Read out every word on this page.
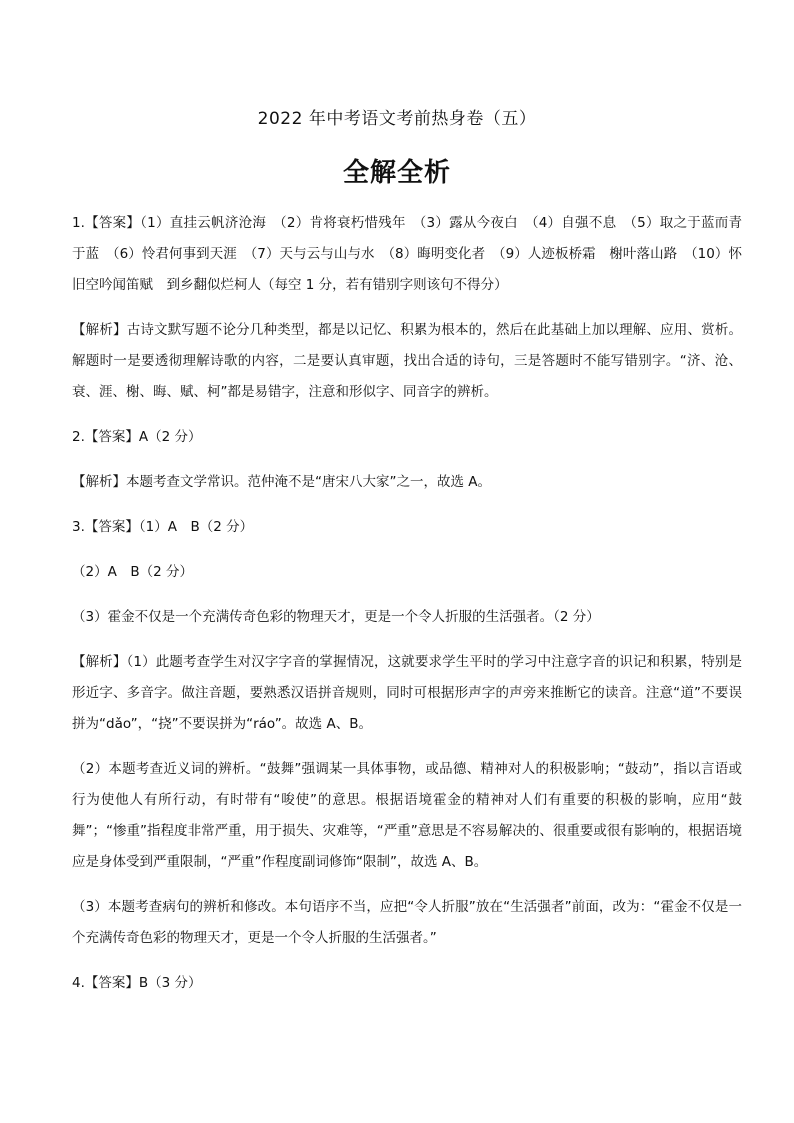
2022 年中考语文考前热身卷（五）
全解全析

1.【答案】（1）直挂云帆济沧海　（2）肯将衰朽惜残年　（3）露从今夜白　（4）自强不息　（5）取之于蓝而青于蓝　（6）怜君何事到天涯　（7）天与云与山与水　（8）晦明变化者　（9）人迹板桥霜　榭叶落山路　（10）怀旧空吟闻笛赋　到乡翻似烂柯人（每空 1 分，若有错别字则该句不得分）

【解析】古诗文默写题不论分几种类型，都是以记忆、积累为根本的，然后在此基础上加以理解、应用、赏析。解题时一是要透彻理解诗歌的内容，二是要认真审题，找出合适的诗句，三是答题时不能写错别字。“济、沧、衰、涯、榭、晦、赋、柯”都是易错字，注意和形似字、同音字的辨析。

2.【答案】A（2 分）

【解析】本题考查文学常识。范仲淹不是“唐宋八大家”之一，故选 A。

3.【答案】（1）A　B（2 分）

（2）A　B（2 分）

（3）霍金不仅是一个充满传奇色彩的物理天才，更是一个令人折服的生活强者。（2 分）

【解析】（1）此题考查学生对汉字字音的掌握情况，这就要求学生平时的学习中注意字音的识记和积累，特别是形近字、多音字。做注音题，要熟悉汉语拼音规则，同时可根据形声字的声旁来推断它的读音。注意“道”不要误拼为“dǎo”，“挠”不要误拼为“ráo”。故选 A、B。

（2）本题考查近义词的辨析。“鼓舞”强调某一具体事物，或品德、精神对人的积极影响；“鼓动”，指以言语或行为使他人有所行动，有时带有“唆使”的意思。根据语境霍金的精神对人们有重要的积极的影响，应用“鼓舞”；“惨重”指程度非常严重，用于损失、灾难等，“严重”意思是不容易解决的、很重要或很有影响的，根据语境应是身体受到严重限制，“严重”作程度副词修饰“限制”，故选 A、B。

（3）本题考查病句的辨析和修改。本句语序不当，应把“令人折服”放在“生活强者”前面，改为：“霍金不仅是一个充满传奇色彩的物理天才，更是一个令人折服的生活强者。”

4.【答案】B（3 分）
